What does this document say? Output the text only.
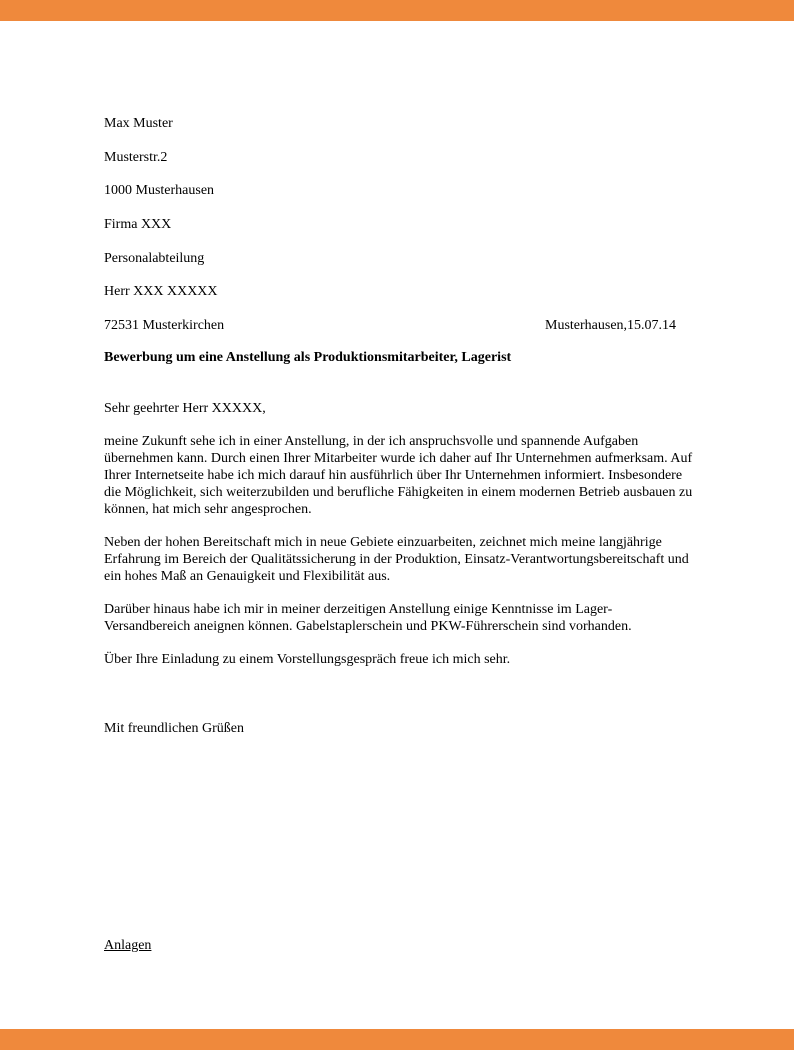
Max Muster

Musterstr.2

1000 Musterhausen

Firma XXX

Personalabteilung

Herr XXX XXXXX

72531 Musterkirchen	Musterhausen,15.07.14
Bewerbung um eine Anstellung als Produktionsmitarbeiter, Lagerist
Sehr geehrter Herr XXXXX,

meine Zukunft sehe ich in einer Anstellung, in der ich anspruchsvolle und spannende Aufgaben übernehmen kann. Durch einen Ihrer Mitarbeiter wurde ich daher auf Ihr Unternehmen aufmerksam. Auf Ihrer Internetseite habe ich mich darauf hin ausführlich über Ihr Unternehmen informiert. Insbesondere die Möglichkeit, sich weiterzubilden und berufliche Fähigkeiten in einem modernen Betrieb ausbauen zu können, hat mich sehr angesprochen.

Neben der hohen Bereitschaft mich in neue Gebiete einzuarbeiten, zeichnet mich meine langjährige Erfahrung im Bereich der Qualitätssicherung in der Produktion, Einsatz-Verantwortungsbereitschaft und ein hohes Maß an Genauigkeit und Flexibilität aus.

Darüber hinaus habe ich mir in meiner derzeitigen Anstellung einige Kenntnisse im Lager-Versandbereich aneignen können. Gabelstaplerschein und PKW-Führerschein sind vorhanden.

Über Ihre Einladung zu einem Vorstellungsgespräch freue ich mich sehr.

Mit freundlichen Grüßen
Anlagen
